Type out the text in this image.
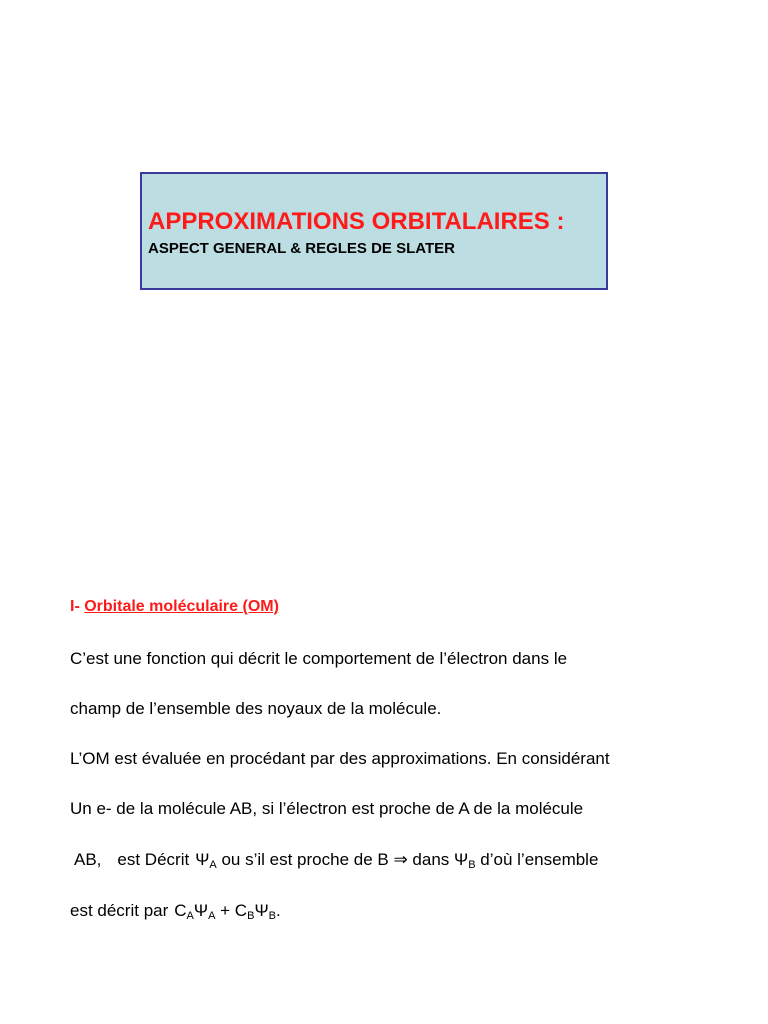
APPROXIMATIONS ORBITALAIRES :
ASPECT GENERAL & REGLES DE SLATER
I- Orbitale moléculaire (OM)
C’est une fonction qui décrit le comportement de l’électron dans le
champ de l’ensemble des noyaux de la molécule.
L’OM est évaluée en procédant par des approximations. En considérant
Un e- de la molécule AB, si l’électron est proche de A de la molécule
AB, est Décrit $\Psi_A$ ou s’il est proche de B ⇒ dans $\Psi_B$ d’où l’ensemble
est décrit par $C_A\Psi_A + C_B\Psi_B$.
